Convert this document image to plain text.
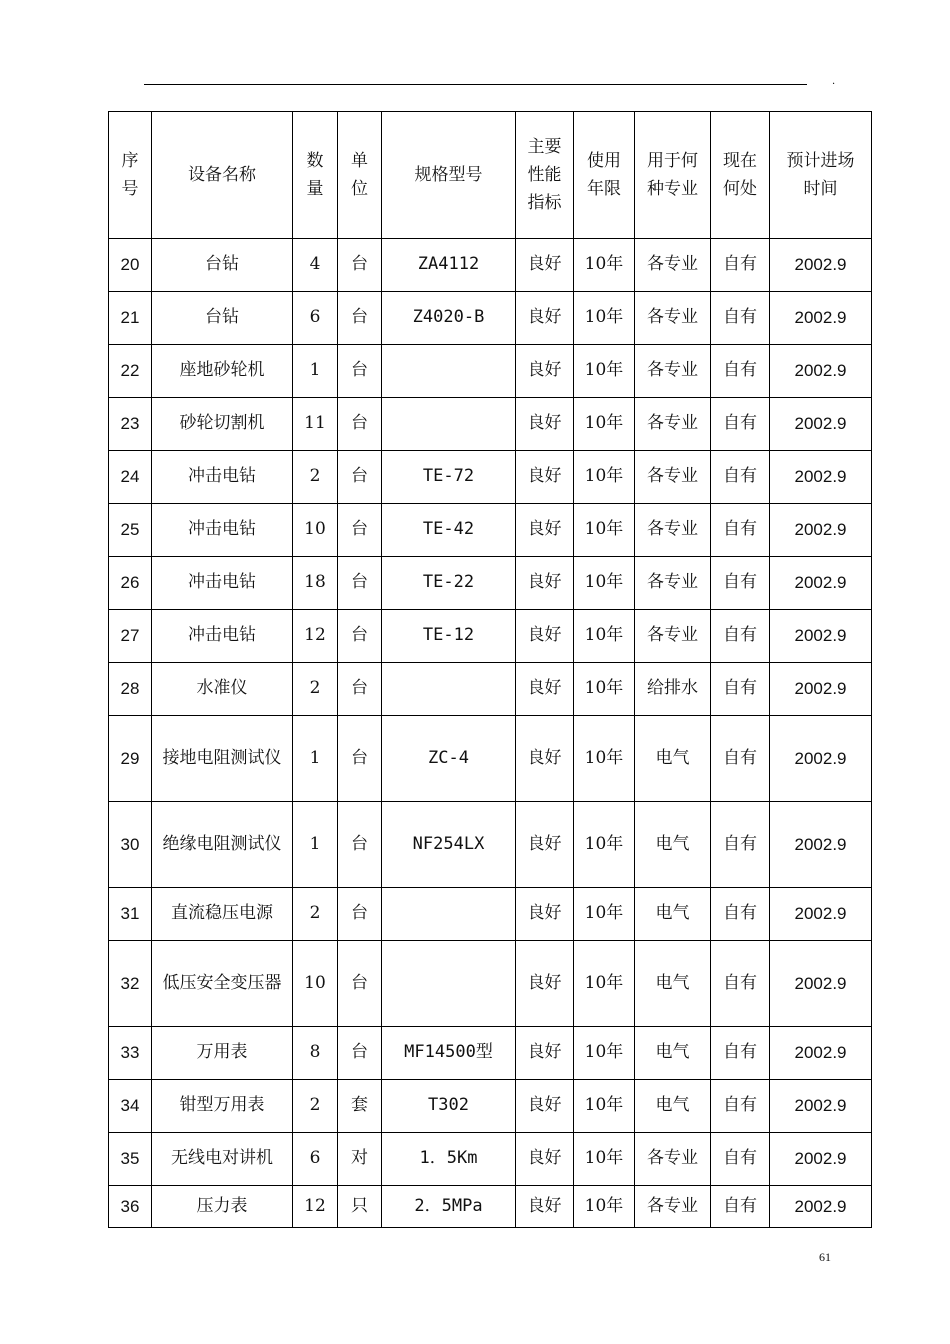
.
序号	设备名称	数量	单位	规格型号	主要性能指标	使用年限	用于何种专业	现在何处	预计进场时间
20	台钻	4	台	ZA4112	良好	10年	各专业	自有	2002.9
21	台钻	6	台	Z4020-B	良好	10年	各专业	自有	2002.9
22	座地砂轮机	1	台		良好	10年	各专业	自有	2002.9
23	砂轮切割机	11	台		良好	10年	各专业	自有	2002.9
24	冲击电钻	2	台	TE-72	良好	10年	各专业	自有	2002.9
25	冲击电钻	10	台	TE-42	良好	10年	各专业	自有	2002.9
26	冲击电钻	18	台	TE-22	良好	10年	各专业	自有	2002.9
27	冲击电钻	12	台	TE-12	良好	10年	各专业	自有	2002.9
28	水准仪	2	台		良好	10年	给排水	自有	2002.9
29	接地电阻测试仪	1	台	ZC-4	良好	10年	电气	自有	2002.9
30	绝缘电阻测试仪	1	台	NF254LX	良好	10年	电气	自有	2002.9
31	直流稳压电源	2	台		良好	10年	电气	自有	2002.9
32	低压安全变压器	10	台		良好	10年	电气	自有	2002.9
33	万用表	8	台	MF14500型	良好	10年	电气	自有	2002.9
34	钳型万用表	2	套	T302	良好	10年	电气	自有	2002.9
35	无线电对讲机	6	对	1．5Km	良好	10年	各专业	自有	2002.9
36	压力表	12	只	2．5MPa	良好	10年	各专业	自有	2002.9
61
